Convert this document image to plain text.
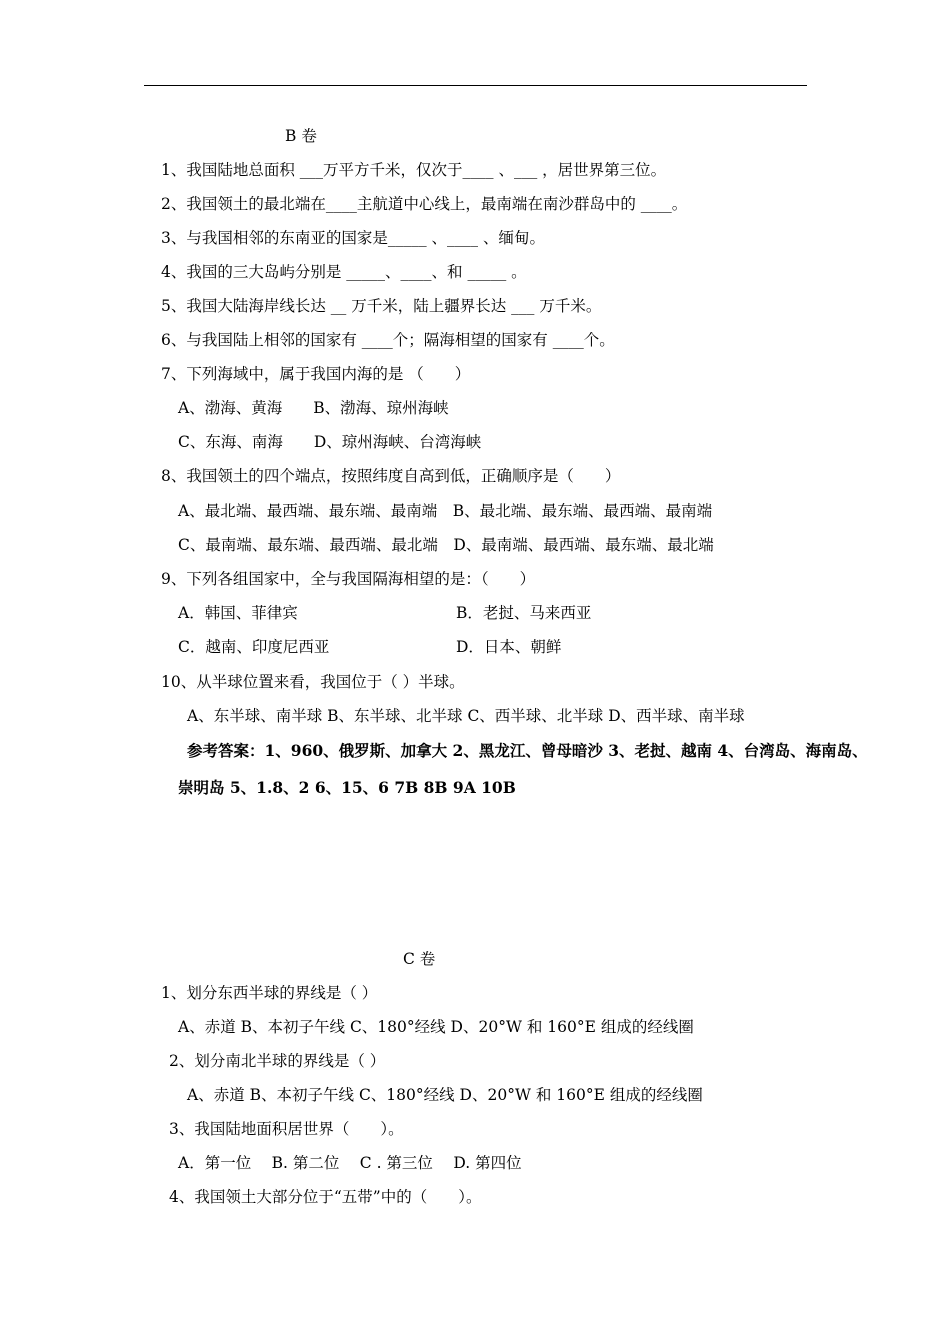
B 卷
1、我国陆地总面积 ___万平方千米，仅次于____ 、___ ，居世界第三位。
2、我国领土的最北端在____主航道中心线上，最南端在南沙群岛中的 ____。
3、与我国相邻的东南亚的国家是_____ 、____ 、缅甸。
4、我国的三大岛屿分别是 _____、____、和 _____ 。
5、我国大陆海岸线长达 __ 万千米，陆上疆界长达 ___ 万千米。
6、与我国陆上相邻的国家有 ____个；隔海相望的国家有 ____个。
7、下列海域中，属于我国内海的是 （　　）
A、渤海、黄海　　B、渤海、琼州海峡
C、东海、南海　　D、琼州海峡、台湾海峡
8、我国领土的四个端点，按照纬度自高到低，正确顺序是（　　）
A、最北端、最西端、最东端、最南端　B、最北端、最东端、最西端、最南端
C、最南端、最东端、最西端、最北端　D、最南端、最西端、最东端、最北端
9、下列各组国家中，全与我国隔海相望的是：（　　）
A．韩国、菲律宾	B．老挝、马来西亚
C．越南、印度尼西亚	D．日本、朝鲜
10、从半球位置来看，我国位于（ ）半球。
A、东半球、南半球 B、东半球、北半球 C、西半球、北半球 D、西半球、南半球
参考答案：1、960、俄罗斯、加拿大 2、黑龙江、曾母暗沙 3、老挝、越南 4、台湾岛、海南岛、
崇明岛 5、1.8、2 6、15、6 7B 8B 9A 10B
C 卷
1、划分东西半球的界线是（ ）
A、赤道 B、本初子午线 C、180°经线 D、20°W 和 160°E 组成的经线圈
2、划分南北半球的界线是（ ）
A、赤道 B、本初子午线 C、180°经线 D、20°W 和 160°E 组成的经线圈
3、我国陆地面积居世界（　　）。
A．第一位　 B. 第二位　 C . 第三位　 D. 第四位
4、我国领土大部分位于“五带”中的（　　）。
